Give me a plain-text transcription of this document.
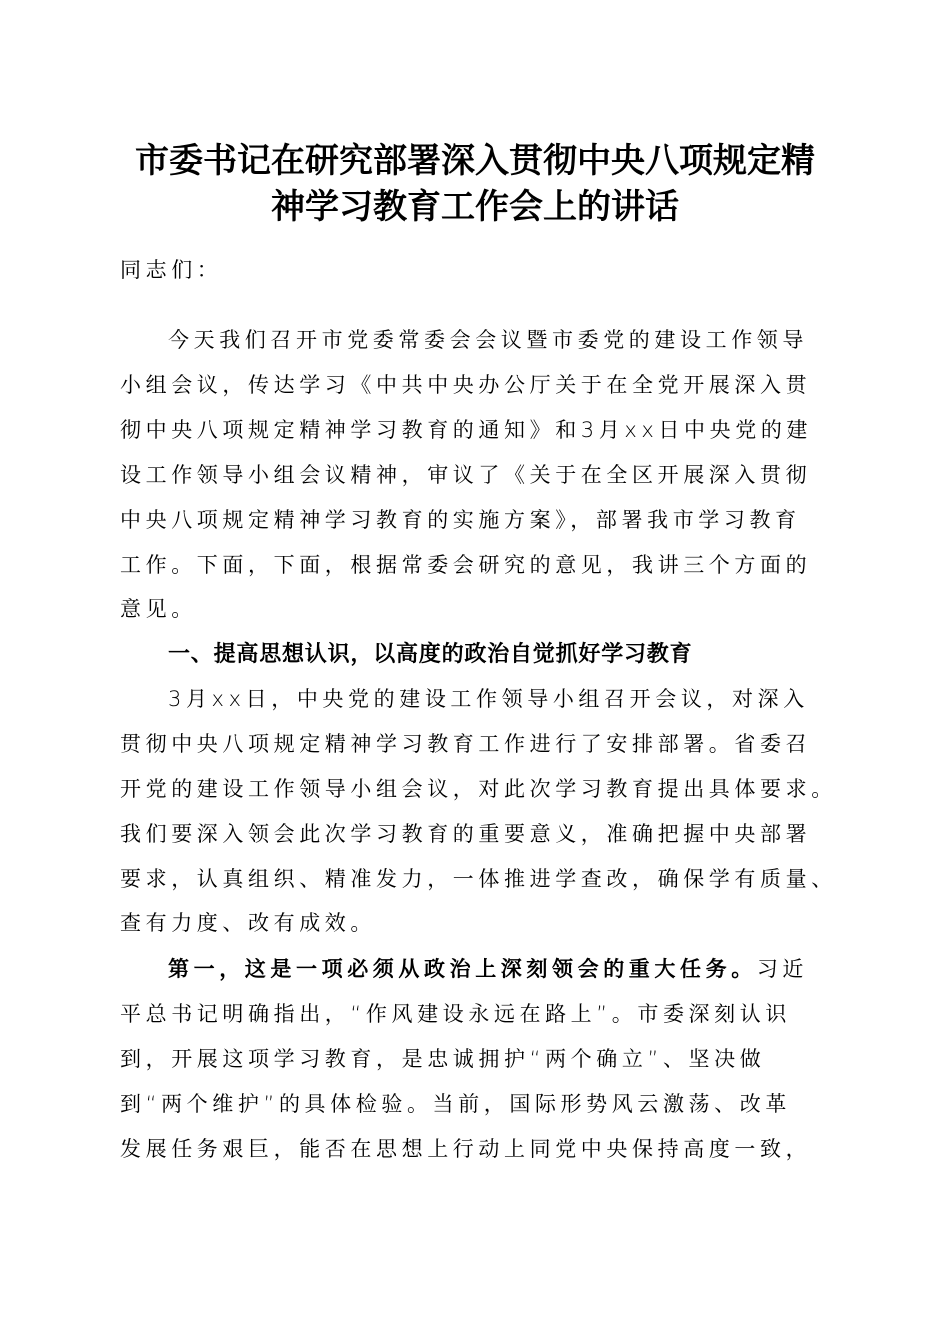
市委书记在研究部署深入贯彻中央八项规定精
神学习教育工作会上的讲话
同志们：
今天我们召开市党委常委会会议暨市委党的建设工作领导
小组会议，传达学习《中共中央办公厅关于在全党开展深入贯
彻中央八项规定精神学习教育的通知》和3月xx日中央党的建
设工作领导小组会议精神，审议了《关于在全区开展深入贯彻
中央八项规定精神学习教育的实施方案》，部署我市学习教育
工作。下面，下面，根据常委会研究的意见，我讲三个方面的
意见。
一、提高思想认识，以高度的政治自觉抓好学习教育
3月xx日，中央党的建设工作领导小组召开会议，对深入
贯彻中央八项规定精神学习教育工作进行了安排部署。省委召
开党的建设工作领导小组会议，对此次学习教育提出具体要求。
我们要深入领会此次学习教育的重要意义，准确把握中央部署
要求，认真组织、精准发力，一体推进学查改，确保学有质量、
查有力度、改有成效。
第一，这是一项必须从政治上深刻领会的重大任务。习近
平总书记明确指出，“作风建设永远在路上”。市委深刻认识
到，开展这项学习教育，是忠诚拥护“两个确立”、坚决做
到“两个维护”的具体检验。当前，国际形势风云激荡、改革
发展任务艰巨，能否在思想上行动上同党中央保持高度一致，
